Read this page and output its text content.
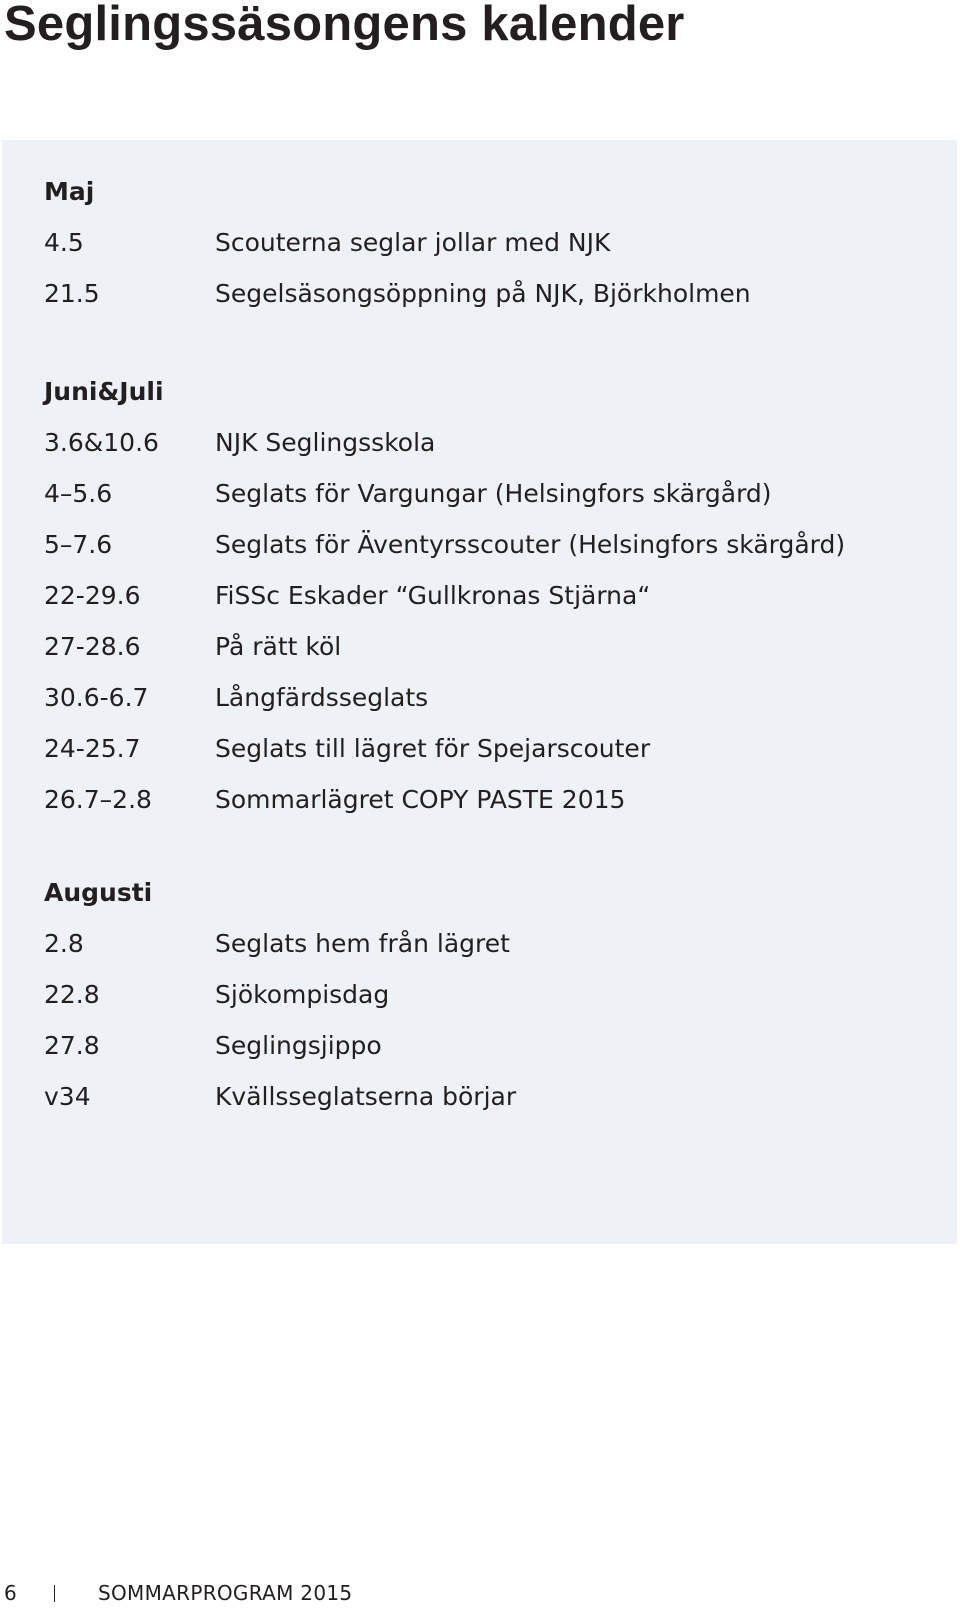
Seglingssäsongens kalender
Maj
4.5	Scouterna seglar jollar med NJK
21.5	Segelsäsongsöppning på NJK, Björkholmen
Juni&Juli
3.6&10.6	NJK Seglingsskola
4–5.6	Seglats för Vargungar (Helsingfors skärgård)
5–7.6	Seglats för Äventyrsscouter (Helsingfors skärgård)
22-29.6	FiSSc Eskader “Gullkronas Stjärna“
27-28.6	På rätt köl
30.6-6.7	Långfärdsseglats
24-25.7	Seglats till lägret för Spejarscouter
26.7–2.8	Sommarlägret COPY PASTE 2015
Augusti
2.8	Seglats hem från lägret
22.8	Sjökompisdag
27.8	Seglingsjippo
v34	Kvällsseglatserna börjar
6	SOMMARPROGRAM 2015
